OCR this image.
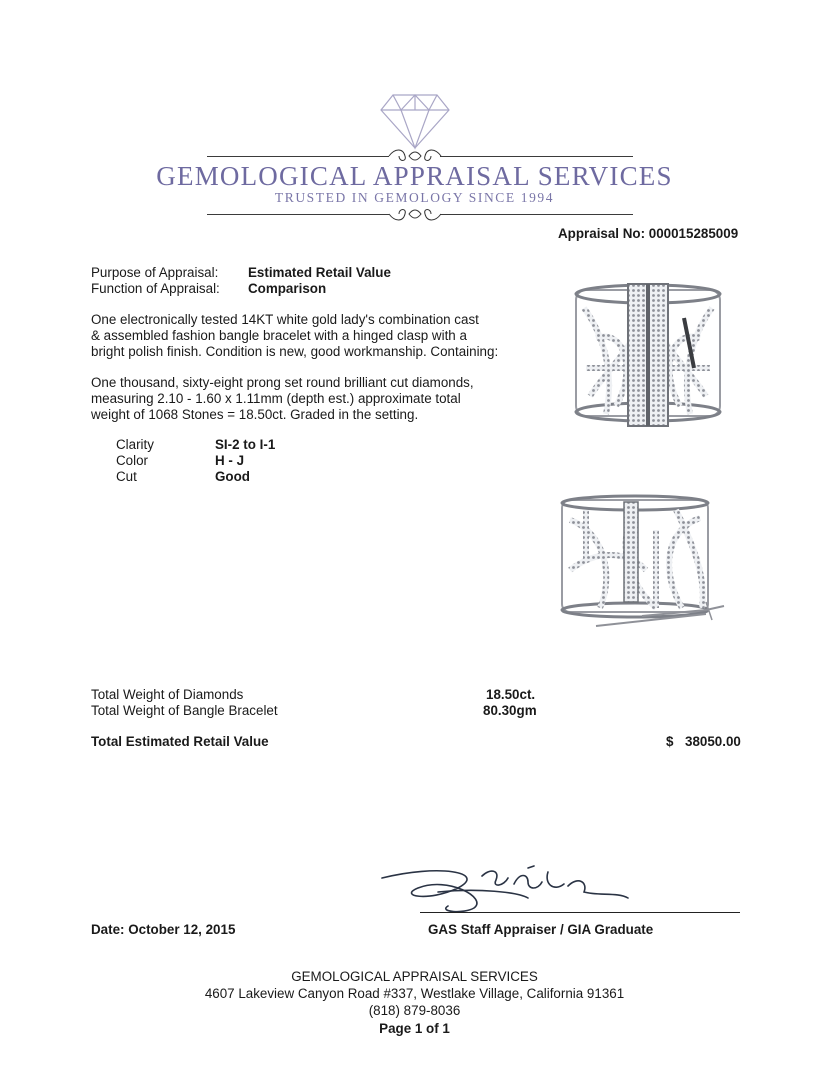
GEMOLOGICAL APPRAISAL SERVICES
TRUSTED IN GEMOLOGY SINCE 1994
Appraisal No: 000015285009
Purpose of Appraisal: Estimated Retail Value
Function of Appraisal: Comparison
One electronically tested 14KT white gold lady's combination cast
& assembled fashion bangle bracelet with a hinged clasp with a
bright polish finish. Condition is new, good workmanship. Containing:
One thousand, sixty-eight prong set round brilliant cut diamonds,
measuring 2.10 - 1.60 x 1.11mm (depth est.) approximate total
weight of 1068 Stones = 18.50ct. Graded in the setting.
Clarity	SI-2 to I-1
Color	H - J
Cut	Good
Total Weight of Diamonds	18.50ct.
Total Weight of Bangle Bracelet	80.30gm
Total Estimated Retail Value	$ 38050.00
Date: October 12, 2015	GAS Staff Appraiser / GIA Graduate
GEMOLOGICAL APPRAISAL SERVICES
4607 Lakeview Canyon Road #337, Westlake Village, California 91361
(818) 879-8036
Page 1 of 1
